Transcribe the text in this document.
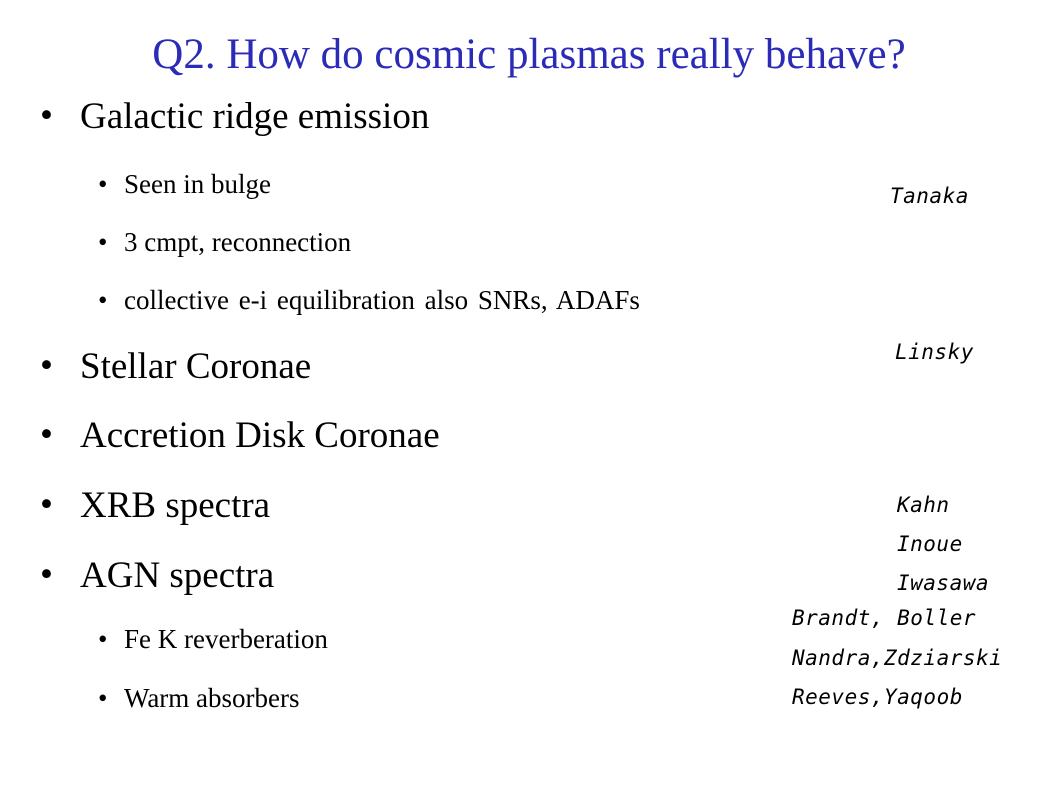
Q2. How do cosmic plasmas really behave?
• Galactic ridge emission
• Seen in bulge
• 3 cmpt, reconnection
• collective e-i equilibration also SNRs, ADAFs
• Stellar Coronae
• Accretion Disk Coronae
• XRB spectra
• AGN spectra
• Fe K reverberation
• Warm absorbers
Tanaka
Linsky
Kahn
Inoue
Iwasawa
Brandt, Boller
Nandra,Zdziarski
Reeves,Yaqoob
